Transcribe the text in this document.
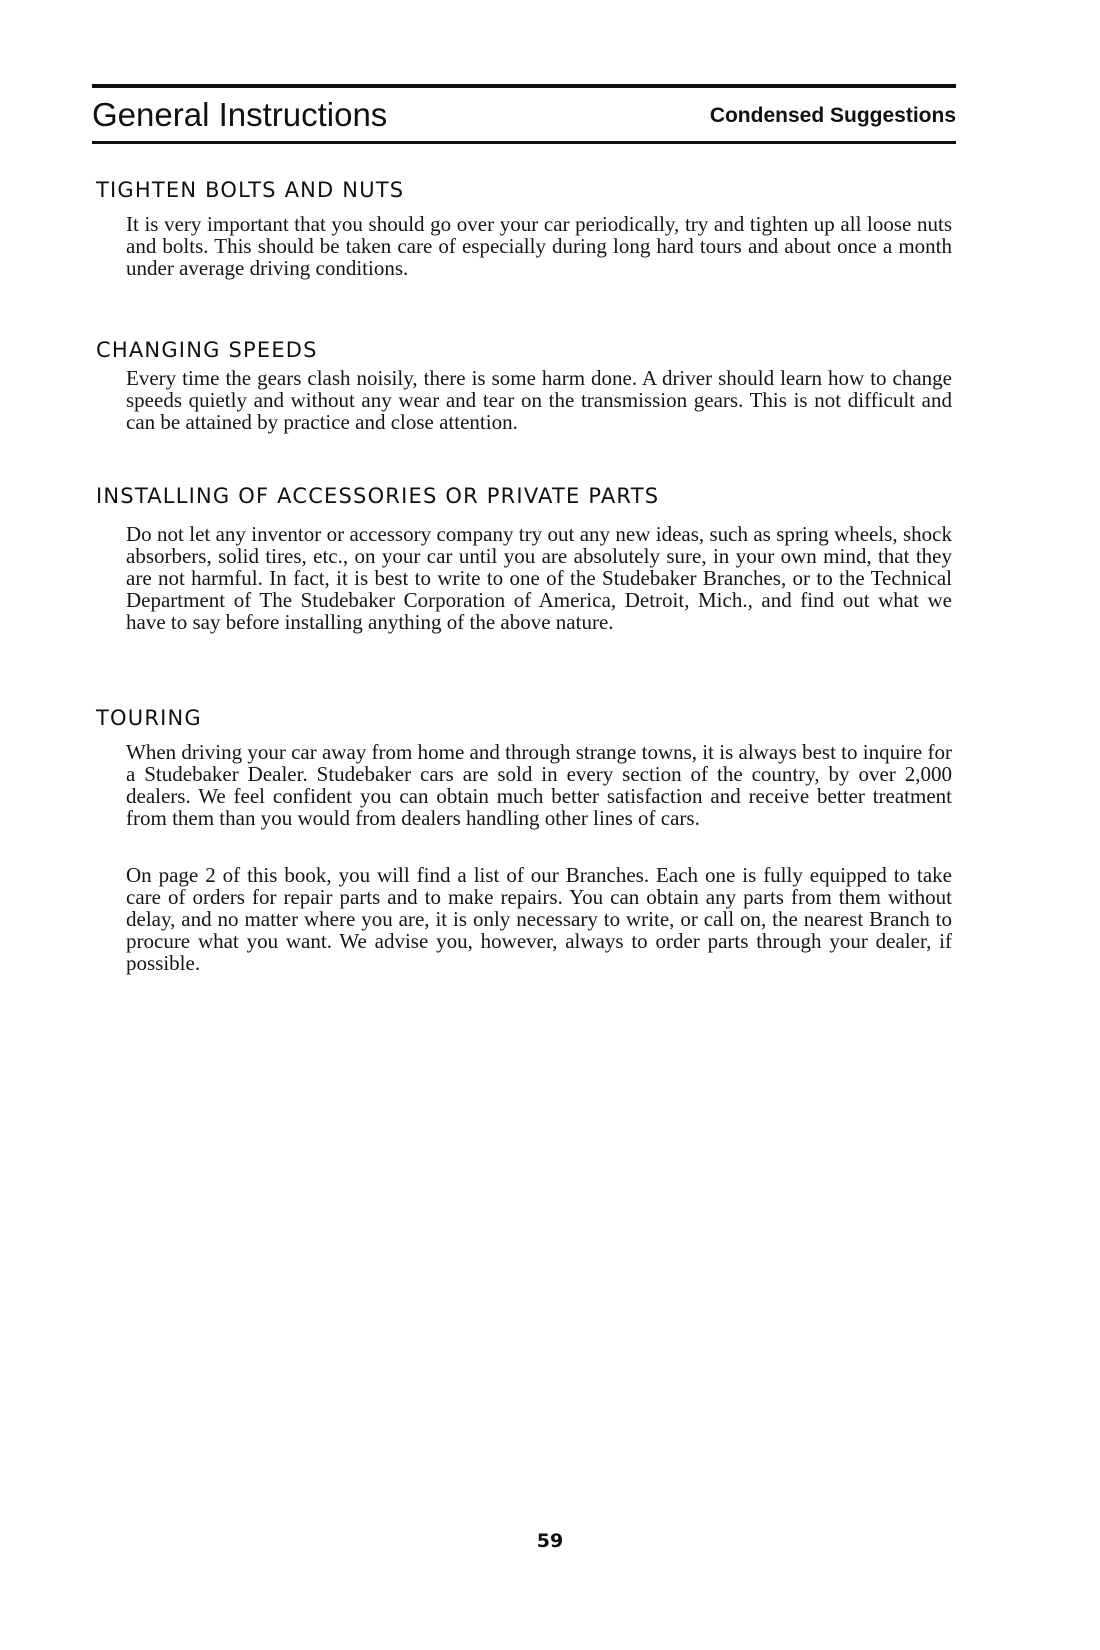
General Instructions	Condensed Suggestions
TIGHTEN BOLTS AND NUTS

It is very important that you should go over your car periodically, try and tighten up all loose nuts and bolts. This should be taken care of especially during long hard tours and about once a month under average driving conditions.

CHANGING SPEEDS

Every time the gears clash noisily, there is some harm done. A driver should learn how to change speeds quietly and without any wear and tear on the transmission gears. This is not difficult and can be attained by practice and close attention.

INSTALLING OF ACCESSORIES OR PRIVATE PARTS

Do not let any inventor or accessory company try out any new ideas, such as spring wheels, shock absorbers, solid tires, etc., on your car until you are absolutely sure, in your own mind, that they are not harmful. In fact, it is best to write to one of the Studebaker Branches, or to the Technical Department of The Studebaker Corporation of America, Detroit, Mich., and find out what we have to say before installing anything of the above nature.

TOURING

When driving your car away from home and through strange towns, it is always best to inquire for a Studebaker Dealer. Studebaker cars are sold in every section of the country, by over 2,000 dealers. We feel confident you can obtain much better satisfaction and receive better treatment from them than you would from dealers handling other lines of cars.

On page 2 of this book, you will find a list of our Branches. Each one is fully equipped to take care of orders for repair parts and to make repairs. You can obtain any parts from them without delay, and no matter where you are, it is only necessary to write, or call on, the nearest Branch to procure what you want. We advise you, however, always to order parts through your dealer, if possible.

59
